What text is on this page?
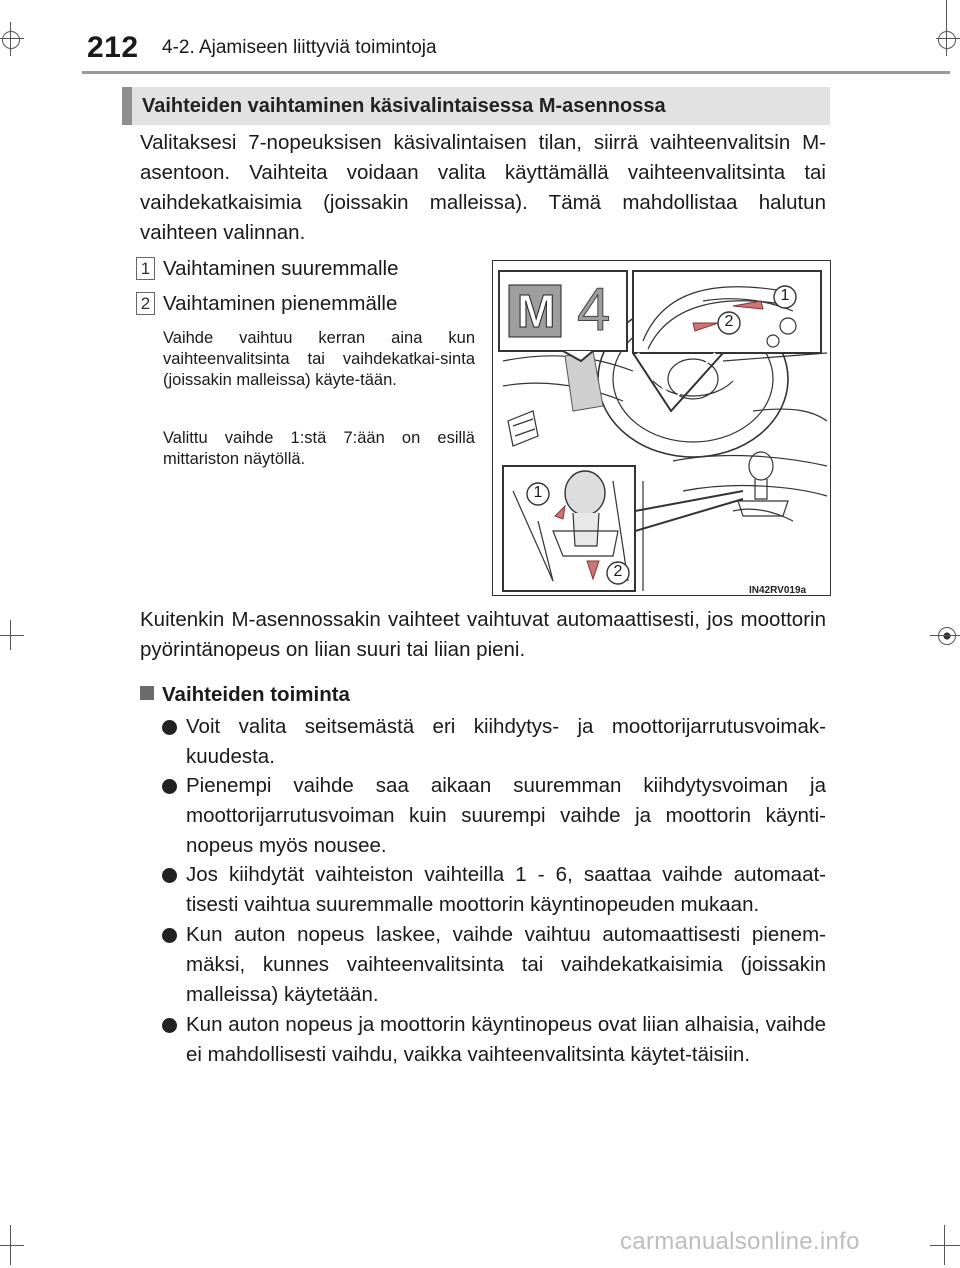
212 4-2. Ajamiseen liittyviä toimintoja
Vaihteiden vaihtaminen käsivalintaisessa M-asennossa
Valitaksesi 7-nopeuksisen käsivalintaisen tilan, siirrä vaihteenvalitsin M-asentoon. Vaihteita voidaan valita käyttämällä vaihteenvalitsinta tai vaihdekatkaisimia (joissakin malleissa). Tämä mahdollistaa halutun vaihteen valinnan.
1 Vaihtaminen suuremmalle
2 Vaihtaminen pienemmälle
Vaihde vaihtuu kerran aina kun vaihteenvalitsinta tai vaihdekatkai-sinta (joissakin malleissa) käyte-tään.
Valittu vaihde 1:stä 7:ään on esillä mittariston näytöllä.
M 4	1
2
1
2
IN42RV019a
Kuitenkin M-asennossakin vaihteet vaihtuvat automaattisesti, jos moottorin pyörintänopeus on liian suuri tai liian pieni.
Vaihteiden toiminta
Voit valita seitsemästä eri kiihdytys- ja moottorijarrutusvoimak-kuudesta.
Pienempi vaihde saa aikaan suuremman kiihdytysvoiman ja moottorijarrutusvoiman kuin suurempi vaihde ja moottorin käynti-nopeus myös nousee.
Jos kiihdytät vaihteiston vaihteilla 1 - 6, saattaa vaihde automaat-tisesti vaihtua suuremmalle moottorin käyntinopeuden mukaan.
Kun auton nopeus laskee, vaihde vaihtuu automaattisesti pienem-mäksi, kunnes vaihteenvalitsinta tai vaihdekatkaisimia (joissakin malleissa) käytetään.
Kun auton nopeus ja moottorin käyntinopeus ovat liian alhaisia, vaihde ei mahdollisesti vaihdu, vaikka vaihteenvalitsinta käytet-täisiin.
carmanualsonline.info
